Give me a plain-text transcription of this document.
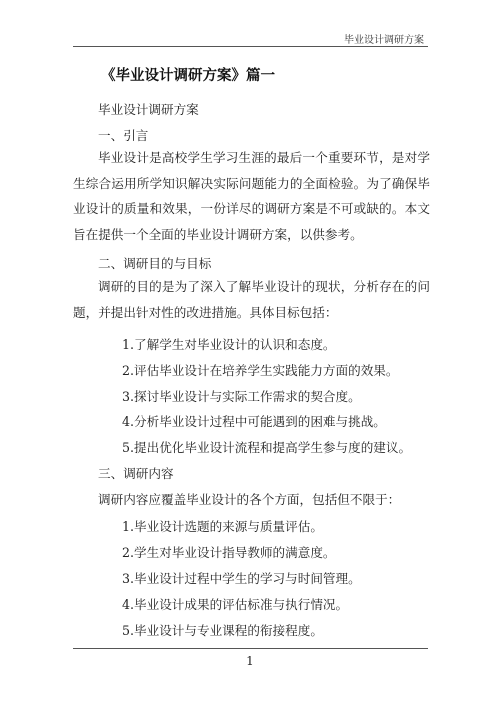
毕业设计调研方案
《毕业设计调研方案》篇一
毕业设计调研方案
一、引言

毕业设计是高校学生学习生涯的最后一个重要环节，是对学生综合运用所学知识解决实际问题能力的全面检验。为了确保毕业设计的质量和效果，一份详尽的调研方案是不可或缺的。本文旨在提供一个全面的毕业设计调研方案，以供参考。

二、调研目的与目标

调研的目的是为了深入了解毕业设计的现状，分析存在的问题，并提出针对性的改进措施。具体目标包括：

1.了解学生对毕业设计的认识和态度。
2.评估毕业设计在培养学生实践能力方面的效果。
3.探讨毕业设计与实际工作需求的契合度。
4.分析毕业设计过程中可能遇到的困难与挑战。
5.提出优化毕业设计流程和提高学生参与度的建议。
三、调研内容
调研内容应覆盖毕业设计的各个方面，包括但不限于：
1.毕业设计选题的来源与质量评估。
2.学生对毕业设计指导教师的满意度。
3.毕业设计过程中学生的学习与时间管理。
4.毕业设计成果的评估标准与执行情况。
5.毕业设计与专业课程的衔接程度。
1
